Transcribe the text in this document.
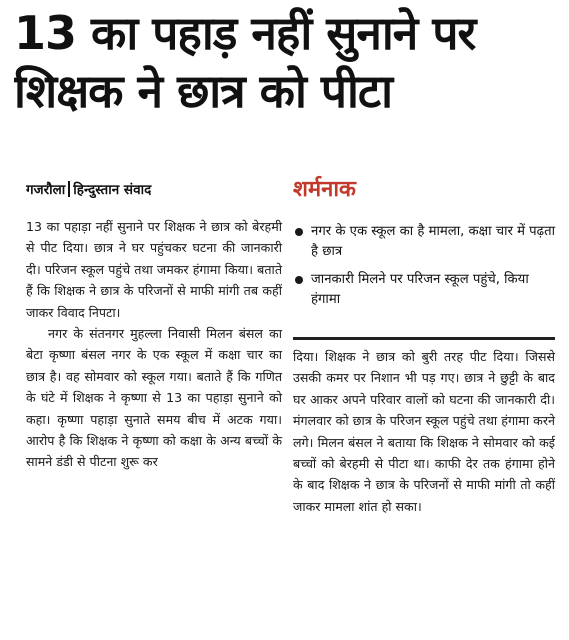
13 का पहाड़ नहीं सुनाने पर
शिक्षक ने छात्र को पीटा
गजरौला हिन्दुस्तान संवाद

13 का पहाड़ा नहीं सुनाने पर शिक्षक ने छात्र को बेरहमी से पीट दिया। छात्र ने घर पहुंचकर घटना की जानकारी दी। परिजन स्कूल पहुंचे तथा जमकर हंगामा किया। बताते हैं कि शिक्षक ने छात्र के परिजनों से माफी मांगी तब कहीं जाकर विवाद निपटा।

नगर के संतनगर मुहल्ला निवासी मिलन बंसल का बेटा कृष्णा बंसल नगर के एक स्कूल में कक्षा चार का छात्र है। वह सोमवार को स्कूल गया। बताते हैं कि गणित के घंटे में शिक्षक ने कृष्णा से 13 का पहाड़ा सुनाने को कहा। कृष्णा पहाड़ा सुनाते समय बीच में अटक गया। आरोप है कि शिक्षक ने कृष्णा को कक्षा के अन्य बच्चों के सामने डंडी से पीटना शुरू कर

शर्मनाक
नगर के एक स्कूल का है मामला, कक्षा चार में पढ़ता है छात्र
जानकारी मिलने पर परिजन स्कूल पहुंचे, किया हंगामा

दिया। शिक्षक ने छात्र को बुरी तरह पीट दिया। जिससे उसकी कमर पर निशान भी पड़ गए। छात्र ने छुट्टी के बाद घर आकर अपने परिवार वालों को घटना की जानकारी दी। मंगलवार को छात्र के परिजन स्कूल पहुंचे तथा हंगामा करने लगे। मिलन बंसल ने बताया कि शिक्षक ने सोमवार को कई बच्चों को बेरहमी से पीटा था। काफी देर तक हंगामा होने के बाद शिक्षक ने छात्र के परिजनों से माफी मांगी तो कहीं जाकर मामला शांत हो सका।
